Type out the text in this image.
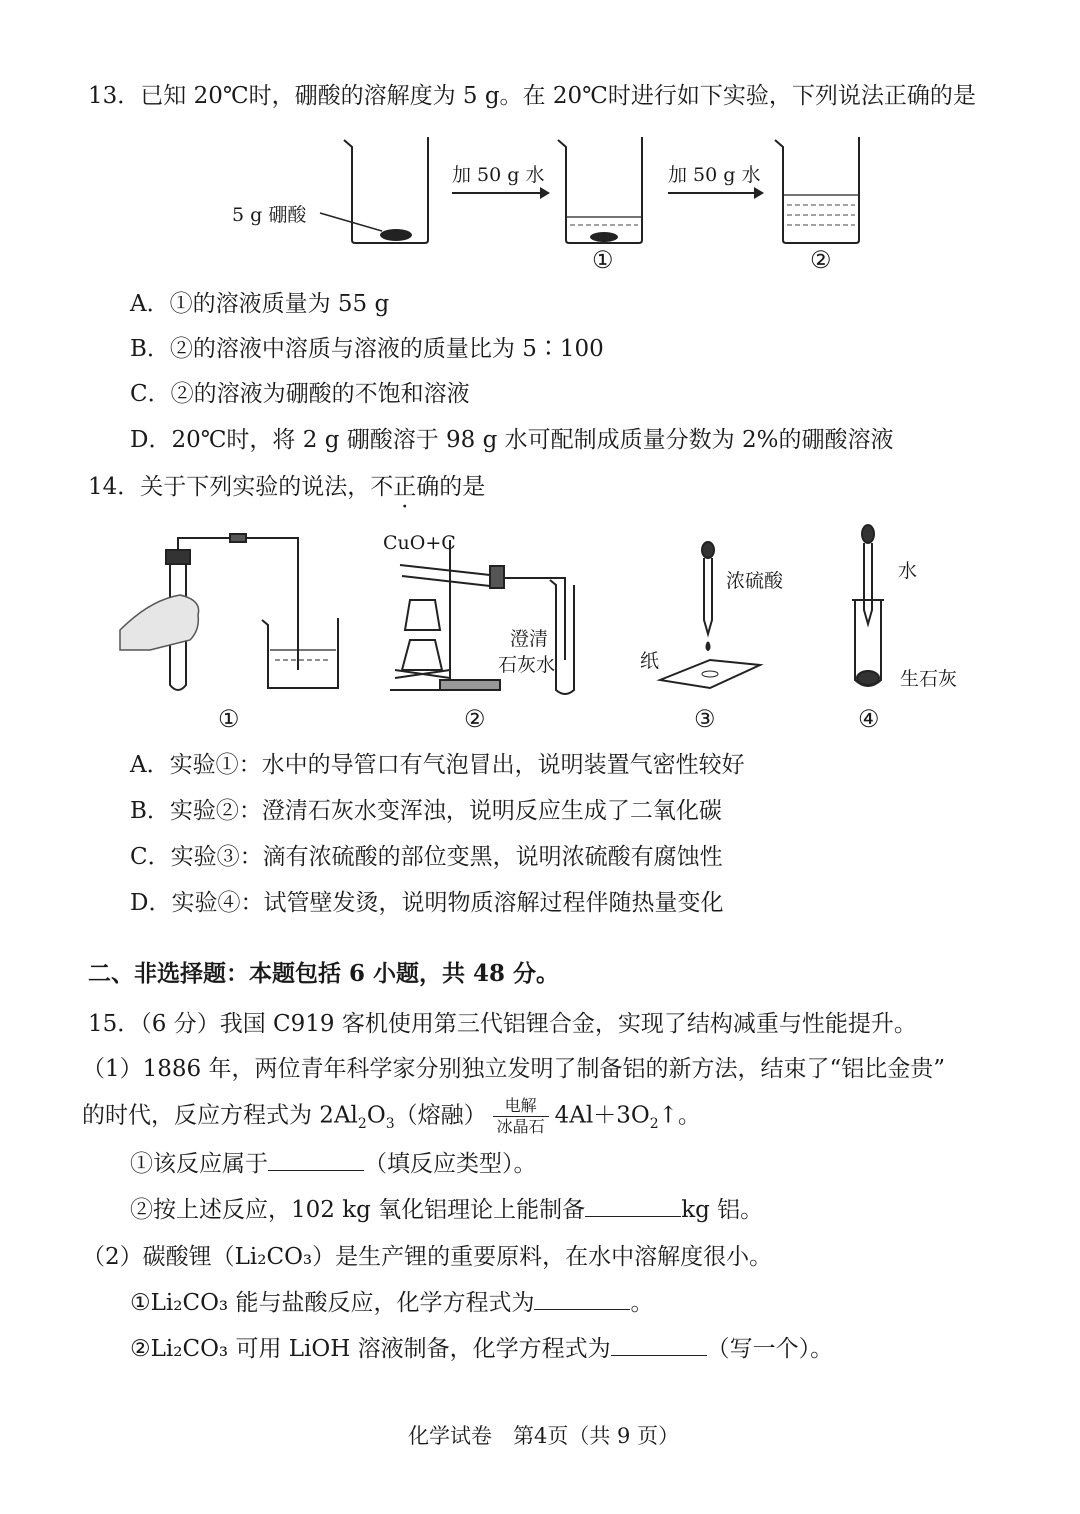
13．已知 20℃时，硼酸的溶解度为 5 g。在 20℃时进行如下实验，下列说法正确的是
5 g 硼酸
加 50 g 水	加 50 g 水
①	②
A．①的溶液质量为 55 g
B．②的溶液中溶质与溶液的质量比为 5∶100
C．②的溶液为硼酸的不饱和溶液
D．20℃时，将 2 g 硼酸溶于 98 g 水可配制成质量分数为 2%的硼酸溶液
14．关于下列实验的说法，不正确的是
CuO+C
澄清
石灰水
浓硫酸
纸
水
生石灰
①	②	③	④
A．实验①：水中的导管口有气泡冒出，说明装置气密性较好
B．实验②：澄清石灰水变浑浊，说明反应生成了二氧化碳
C．实验③：滴有浓硫酸的部位变黑，说明浓硫酸有腐蚀性
D．实验④：试管壁发烫，说明物质溶解过程伴随热量变化
二、非选择题：本题包括 6 小题，共 48 分。
15．（6 分）我国 C919 客机使用第三代铝锂合金，实现了结构减重与性能提升。
（1）1886 年，两位青年科学家分别独立发明了制备铝的新方法，结束了“铝比金贵”
的时代，反应方程式为 $2Al_2O_3$（熔融） $\frac{\text{电解}}{\text{冰晶石}}$ $4Al+3O_2↑$。
①该反应属于	（填反应类型）。
②按上述反应，102 kg 氧化铝理论上能制备	kg 铝。
（2）碳酸锂（Li₂CO₃）是生产锂的重要原料，在水中溶解度很小。
①Li₂CO₃ 能与盐酸反应，化学方程式为	。
②Li₂CO₃ 可用 LiOH 溶液制备，化学方程式为	（写一个）。
化学试卷　第4页（共 9 页）
